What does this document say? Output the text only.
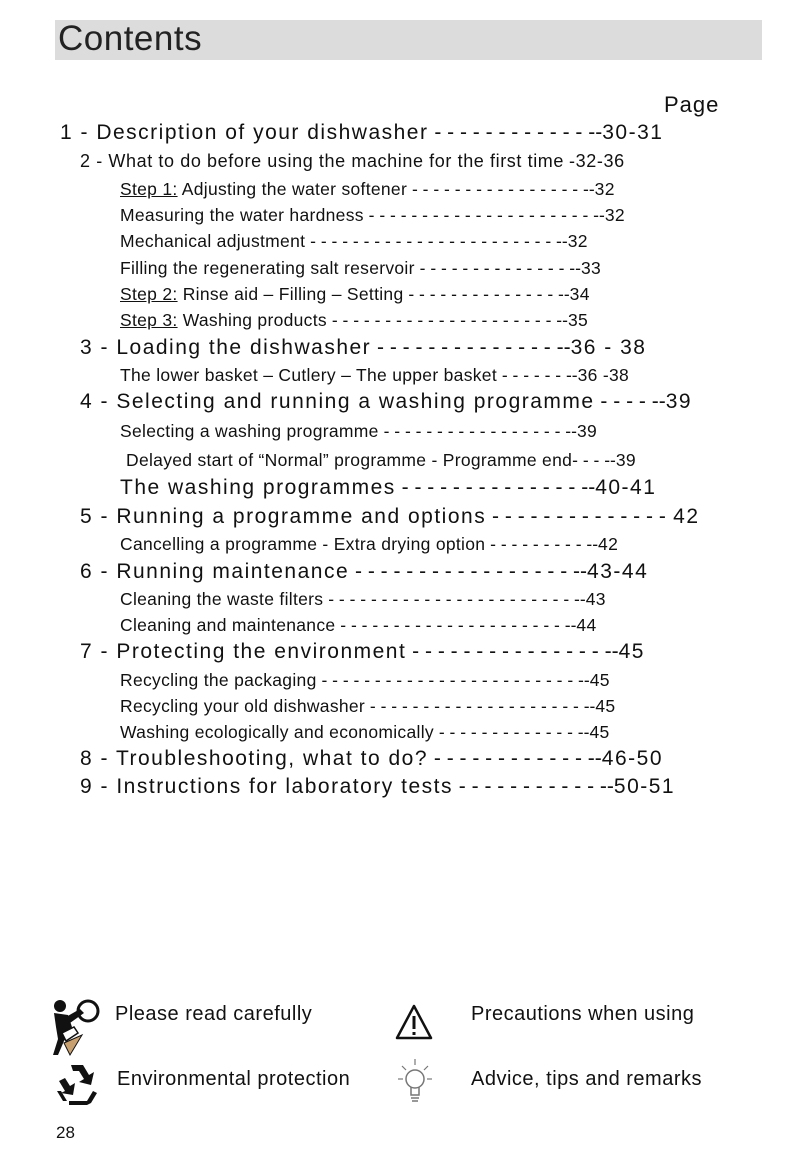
Contents
Page
1 - Description of your dishwasher - - - - - - - - - - - - --30-31
2 - What to do before using the machine for the first time -32-36
Step 1: Adjusting the water softener - - - - - - - - - - - - - - - - --32
Measuring the water hardness - - - - - - - - - - - - - - - - - - - - - --32
Mechanical adjustment - - - - - - - - - - - - - - - - - - - - - - - --32
Filling the regenerating salt reservoir - - - - - - - - - - - - - - --33
Step 2: Rinse aid – Filling – Setting - - - - - - - - - - - - - - --34
Step 3: Washing products - - - - - - - - - - - - - - - - - - - - - --35
3 - Loading the dishwasher - - - - - - - - - - - - - - --36 - 38
The lower basket – Cutlery – The upper basket - - - - - - --36 -38
4 - Selecting and running a washing programme - - - - --39
Selecting a washing programme - - - - - - - - - - - - - - - - - --39
Delayed start of “Normal” programme - Programme end- - - --39
The washing programmes - - - - - - - - - - - - - - --40-41
5 - Running a programme and options - - - - - - - - - - - - - - 42
Cancelling a programme - Extra drying option - - - - - - - - - --42
6 - Running maintenance - - - - - - - - - - - - - - - - - --43-44
Cleaning the waste filters - - - - - - - - - - - - - - - - - - - - - - - --43
Cleaning and maintenance - - - - - - - - - - - - - - - - - - - - - --44
7 - Protecting the environment - - - - - - - - - - - - - - - --45
Recycling the packaging - - - - - - - - - - - - - - - - - - - - - - - - --45
Recycling your old dishwasher - - - - - - - - - - - - - - - - - - - - --45
Washing ecologically and economically - - - - - - - - - - - - - --45
8 - Troubleshooting, what to do? - - - - - - - - - - - - --46-50
9 - Instructions for laboratory tests - - - - - - - - - - - --50-51
Please read carefully	Precautions when using
Environmental protection	Advice, tips and remarks
28
